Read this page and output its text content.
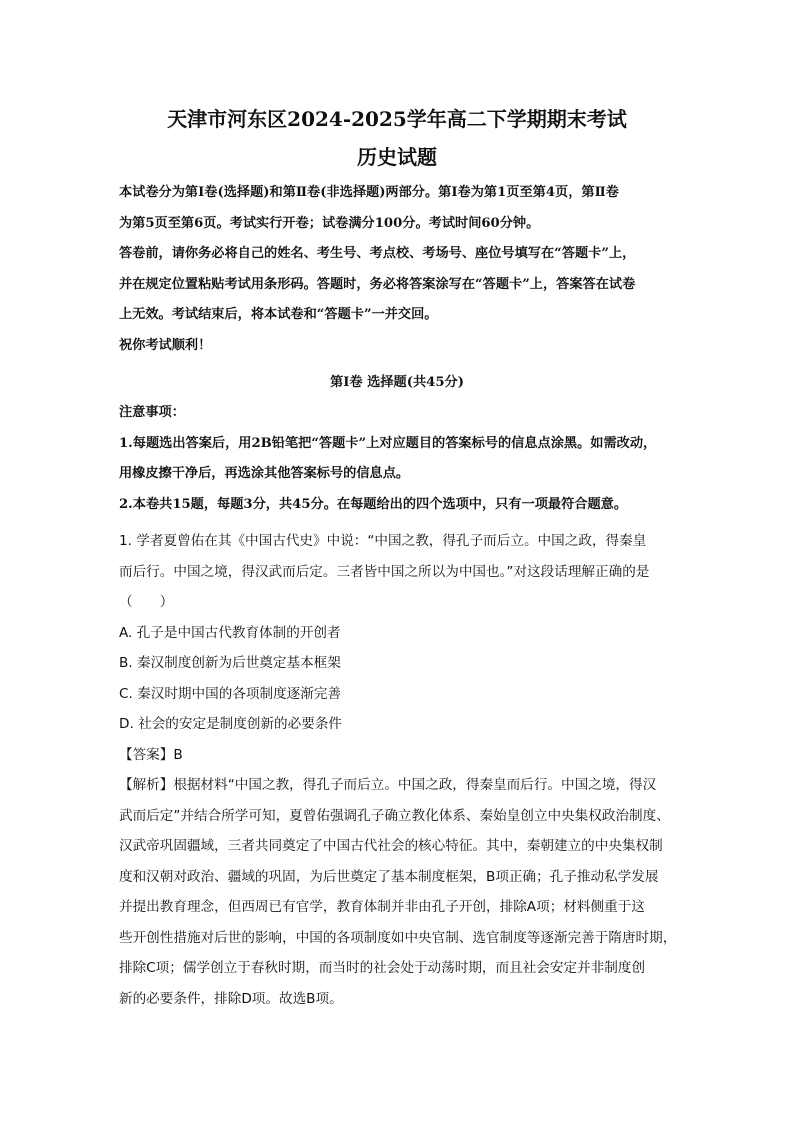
天津市河东区2024-2025学年高二下学期期末考试
历史试题
本试卷分为第Ⅰ卷(选择题)和第Ⅱ卷(非选择题)两部分。第Ⅰ卷为第1页至第4页，第Ⅱ卷
为第5页至第6页。考试实行开卷；试卷满分100分。考试时间60分钟。
答卷前，请你务必将自己的姓名、考生号、考点校、考场号、座位号填写在“答题卡”上，
并在规定位置粘贴考试用条形码。答题时，务必将答案涂写在“答题卡”上，答案答在试卷
上无效。考试结束后，将本试卷和“答题卡”一并交回。
祝你考试顺利！
第Ⅰ卷 选择题(共45分)
注意事项：
1.每题选出答案后，用2B铅笔把“答题卡”上对应题目的答案标号的信息点涂黑。如需改动，
用橡皮擦干净后，再选涂其他答案标号的信息点。
2.本卷共15题，每题3分，共45分。在每题给出的四个选项中，只有一项最符合题意。
1. 学者夏曾佑在其《中国古代史》中说：“中国之教，得孔子而后立。中国之政，得秦皇
而后行。中国之境，得汉武而后定。三者皆中国之所以为中国也。”对这段话理解正确的是
（　　）
A. 孔子是中国古代教育体制的开创者
B. 秦汉制度创新为后世奠定基本框架
C. 秦汉时期中国的各项制度逐渐完善
D. 社会的安定是制度创新的必要条件
【答案】B
【解析】根据材料“中国之教，得孔子而后立。中国之政，得秦皇而后行。中国之境，得汉
武而后定”并结合所学可知，夏曾佑强调孔子确立教化体系、秦始皇创立中央集权政治制度、
汉武帝巩固疆域，三者共同奠定了中国古代社会的核心特征。其中，秦朝建立的中央集权制
度和汉朝对政治、疆域的巩固，为后世奠定了基本制度框架，B项正确；孔子推动私学发展
并提出教育理念，但西周已有官学，教育体制并非由孔子开创，排除A项；材料侧重于这
些开创性措施对后世的影响，中国的各项制度如中央官制、选官制度等逐渐完善于隋唐时期，
排除C项；儒学创立于春秋时期，而当时的社会处于动荡时期，而且社会安定并非制度创
新的必要条件，排除D项。故选B项。
